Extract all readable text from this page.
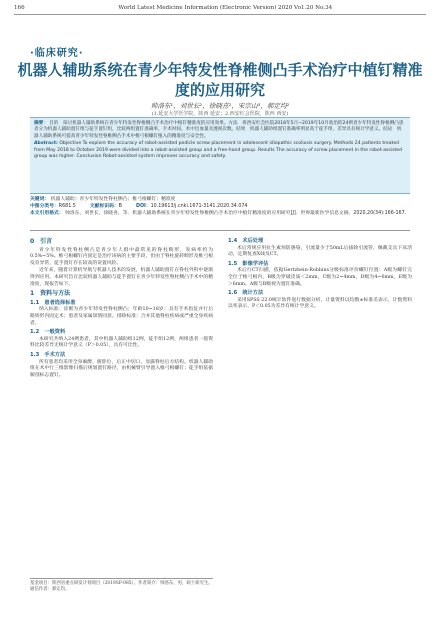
166	World Latest Medicine Information (Electronic Version) 2020 Vo1.20 No.34
·临床研究·
机器人辅助系统在青少年特发性脊椎侧凸手术治疗中植钉精准度的应用研究
帅洛东¹，刘世长²，徐晓喜²，宋宗山³，郝定均²
(1.延安大学医学院，陕西 延安；2.西安红会医院，陕西 西安)
摘要： 目的　探讨机器人辅助系统在青少年特发性脊椎侧凸手术治疗中植钉精准度的应用效果。方法　将西安红会医院2018年5月~2019年10月收治的24例青少年特发性脊椎侧凸患者分为机器人辅助置钉组与徒手置钉组，比较两组置钉准确率、手术时间、术中出血量及透视次数。结果　机器人辅助组置钉准确率明显高于徒手组，差异具有统计学意义。结论　机器人辅助系统可提高青少年特发性脊椎侧凸手术中椎弓根螺钉植入的精准度与安全性。
Abstract: Objective To explore the accuracy of robot-assisted pedicle screw placement in adolescent idiopathic scoliosis surgery. Methods 24 patients treated from May 2018 to October 2019 were divided into a robot-assisted group and a free-hand group. Results The accuracy of screw placement in the robot-assisted group was higher. Conclusion Robot-assisted system improves accuracy and safety.
关键词： 机器人辅助；青少年特发性脊柱侧凸；椎弓根螺钉；精准度
中图分类号：R681.5	文献标识码：B	DOI：10.19613/j.cnki.1671-3141.2020.34.074
本文引用格式： 帅洛东，刘世长，徐晓喜，等．机器人辅助系统在青少年特发性脊椎侧凸手术治疗中植钉精准度的应用研究[J]．世界最新医学信息文摘，2020,20(34):166-167.
0　引言

青少年特发性脊柱侧凸是青少年人群中最常见的脊柱畸形，发病率约为0.5%~5%。椎弓根螺钉内固定是治疗该病的主要手段，但由于脊柱旋转畸形及椎弓根发育异常，徒手置钉存在较高的误置风险。

近年来，随着计算机导航与机器人技术的发展，机器人辅助置钉在脊柱外科中逐渐得到应用。本研究旨在比较机器人辅助与徒手置钉在青少年特发性脊柱侧凸手术中的精准度，现报告如下。

1　资料与方法
1.1　患者选择标准

纳入标准：诊断为青少年特发性脊柱侧凸；年龄10~18岁；具有手术指征并行后路矫形内固定术；患者及家属知情同意。排除标准：合并其他脊柱疾病或严重全身疾病者。

1.2　一般资料

本研究共纳入24例患者，其中机器人辅助组12例，徒手组12例，两组患者一般资料比较差异无统计学意义（P＞0.05），具有可比性。

1.3　手术方法

所有患者均采用全身麻醉，俯卧位，后正中切口，显露脊柱后方结构。机器人辅助组在术中行三维影像扫描后规划置钉路径，由机械臂引导置入椎弓根螺钉；徒手组依据解剖标志置钉。

1.4　术后处理

术后常规应用抗生素预防感染，引流量少于50mL后拔除引流管，佩戴支具下床活动，定期复查X线及CT。

1.5　影像学评估

术后行CT扫描，依据Gertzbein-Robbins分级标准评价螺钉位置：A级为螺钉完全位于椎弓根内，B级为穿破皮质＜2mm，C级为2~4mm，D级为4~6mm，E级为＞6mm。A级与B级视为置钉准确。

1.6　统计方法

采用SPSS 22.0统计软件进行数据分析，计量资料以均数±标准差表示，计数资料以率表示，P＜0.05为差异有统计学意义。

基金项目：陕西省重点研发计划项目（2019SF-085）。作者简介：帅洛东，男，硕士研究生。通信作者：郝定均。
